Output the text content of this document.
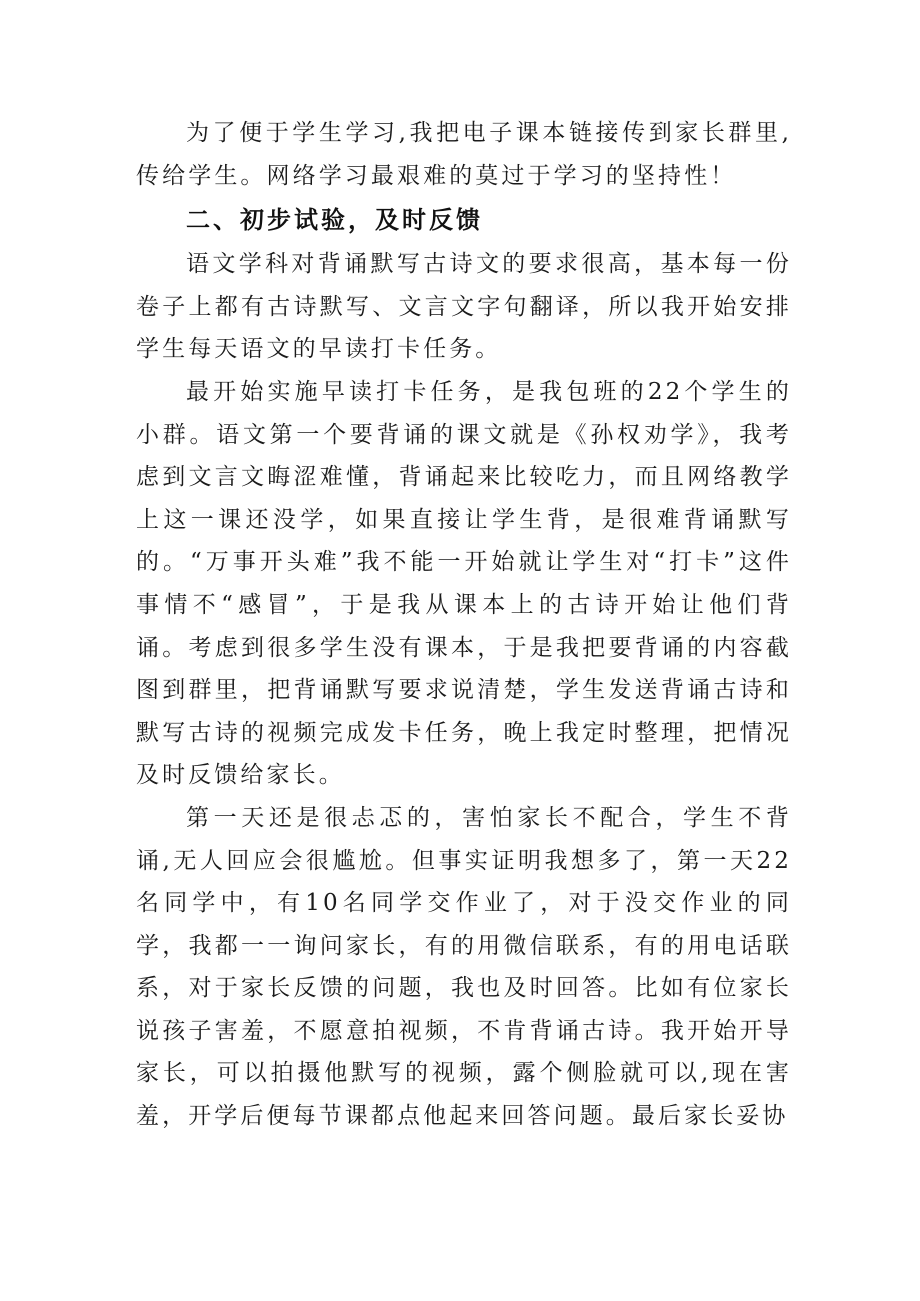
为了便于学生学习,我把电子课本链接传到家长群里,传给学生。网络学习最艰难的莫过于学习的坚持性！

二、初步试验，及时反馈

语文学科对背诵默写古诗文的要求很高，基本每一份卷子上都有古诗默写、文言文字句翻译，所以我开始安排学生每天语文的早读打卡任务。

最开始实施早读打卡任务，是我包班的22个学生的小群。语文第一个要背诵的课文就是《孙权劝学》，我考虑到文言文晦涩难懂，背诵起来比较吃力，而且网络教学上这一课还没学，如果直接让学生背，是很难背诵默写的。“万事开头难”我不能一开始就让学生对“打卡”这件事情不“感冒”，于是我从课本上的古诗开始让他们背诵。考虑到很多学生没有课本，于是我把要背诵的内容截图到群里，把背诵默写要求说清楚，学生发送背诵古诗和默写古诗的视频完成发卡任务，晚上我定时整理，把情况及时反馈给家长。

第一天还是很忐忑的，害怕家长不配合，学生不背诵,无人回应会很尴尬。但事实证明我想多了，第一天22名同学中，有10名同学交作业了，对于没交作业的同学，我都一一询问家长，有的用微信联系，有的用电话联系，对于家长反馈的问题，我也及时回答。比如有位家长说孩子害羞，不愿意拍视频，不肯背诵古诗。我开始开导家长，可以拍摄他默写的视频，露个侧脸就可以,现在害羞，开学后便每节课都点他起来回答问题。最后家长妥协
